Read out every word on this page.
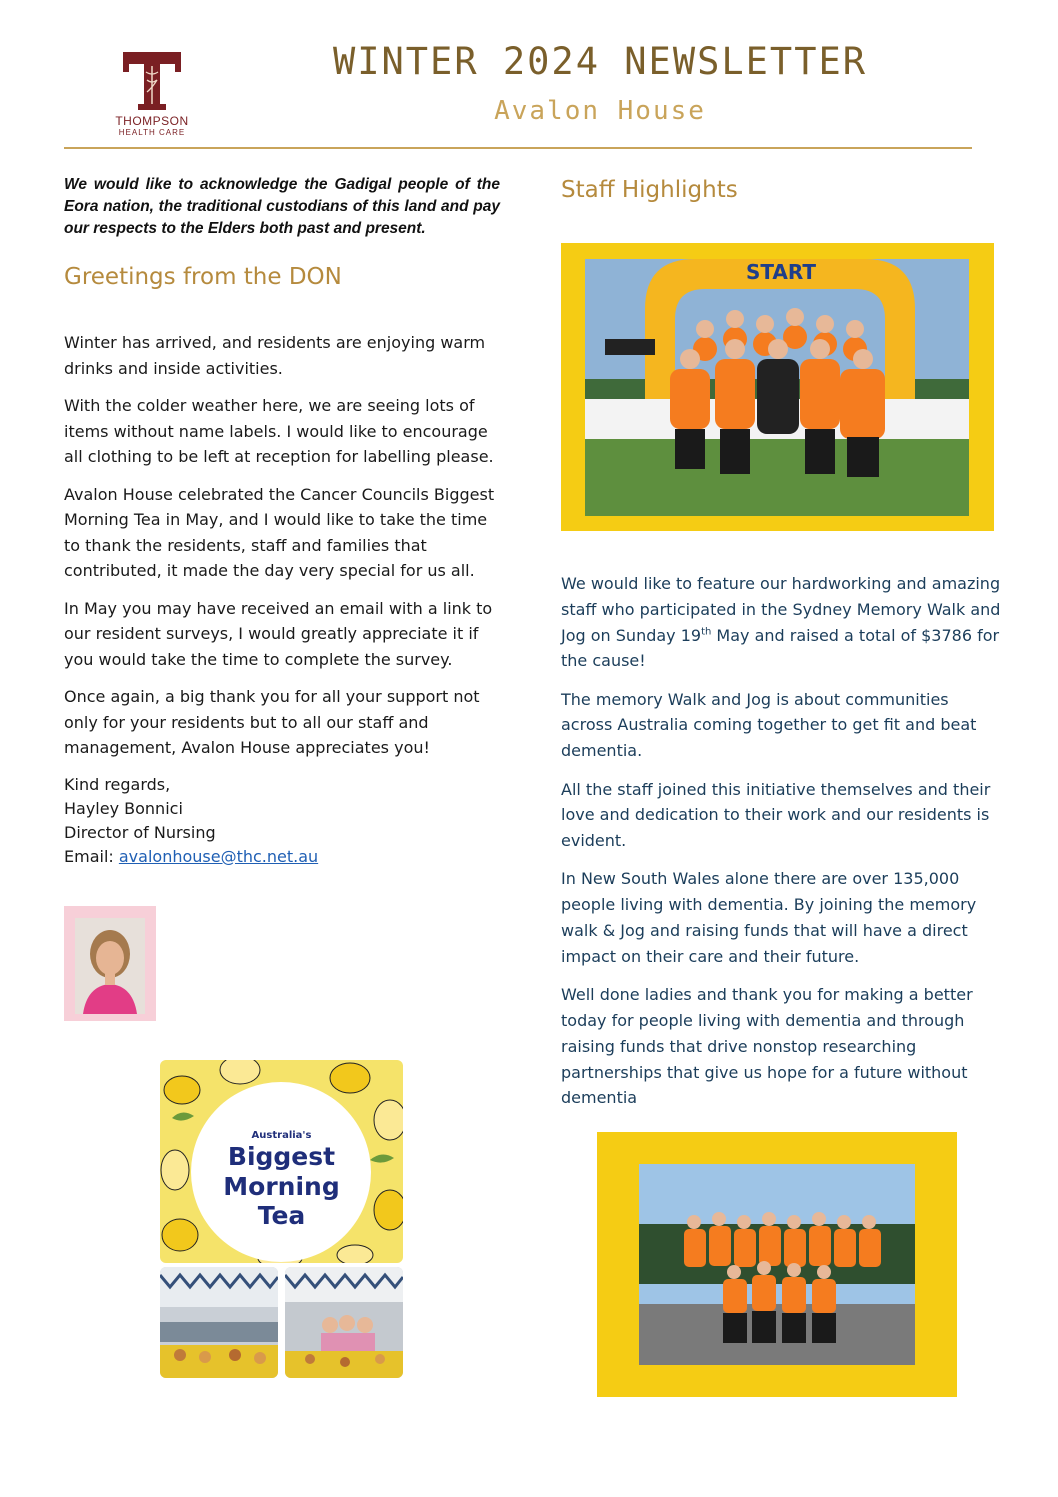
THOMPSON
HEALTH CARE
WINTER 2024 NEWSLETTER
Avalon House
We would like to acknowledge the Gadigal people of the Eora nation, the traditional custodians of this land and pay our respects to the Elders both past and present.
Greetings from the DON

Winter has arrived, and residents are enjoying warm drinks and inside activities.

With the colder weather here, we are seeing lots of items without name labels. I would like to encourage all clothing to be left at reception for labelling please.

Avalon House celebrated the Cancer Councils Biggest Morning Tea in May, and I would like to take the time to thank the residents, staff and families that contributed, it made the day very special for us all.

In May you may have received an email with a link to our resident surveys, I would greatly appreciate it if you would take the time to complete the survey.

Once again, a big thank you for all your support not only for your residents but to all our staff and management, Avalon House appreciates you!

Kind regards,
Hayley Bonnici
Director of Nursing
Email: avalonhouse@thc.net.au
Australia's
Biggest
Morning
Tea
Staff Highlights
START

We would like to feature our hardworking and amazing staff who participated in the Sydney Memory Walk and Jog on Sunday 19th May and raised a total of $3786 for the cause!

The memory Walk and Jog is about communities across Australia coming together to get fit and beat dementia.

All the staff joined this initiative themselves and their love and dedication to their work and our residents is evident.

In New South Wales alone there are over 135,000 people living with dementia. By joining the memory walk & Jog and raising funds that will have a direct impact on their care and their future.

Well done ladies and thank you for making a better today for people living with dementia and through raising funds that drive nonstop researching partnerships that give us hope for a future without dementia
